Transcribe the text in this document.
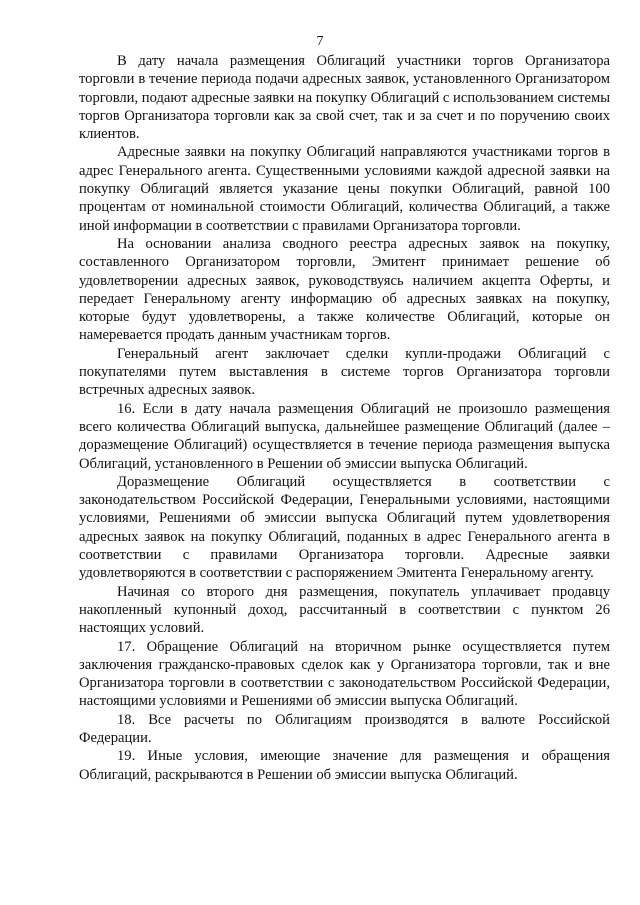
7

В дату начала размещения Облигаций участники торгов Организатора торговли в течение периода подачи адресных заявок, установленного Организатором торговли, подают адресные заявки на покупку Облигаций с использованием системы торгов Организатора торговли как за свой счет, так и за счет и по поручению своих клиентов.

Адресные заявки на покупку Облигаций направляются участниками торгов в адрес Генерального агента. Существенными условиями каждой адресной заявки на покупку Облигаций является указание цены покупки Облигаций, равной 100 процентам от номинальной стоимости Облигаций, количества Облигаций, а также иной информации в соответствии с правилами Организатора торговли.

На основании анализа сводного реестра адресных заявок на покупку, составленного Организатором торговли, Эмитент принимает решение об удовлетворении адресных заявок, руководствуясь наличием акцепта Оферты, и передает Генеральному агенту информацию об адресных заявках на покупку, которые будут удовлетворены, а также количестве Облигаций, которые он намеревается продать данным участникам торгов.

Генеральный агент заключает сделки купли-продажи Облигаций с покупателями путем выставления в системе торгов Организатора торговли встречных адресных заявок.

16. Если в дату начала размещения Облигаций не произошло размещения всего количества Облигаций выпуска, дальнейшее размещение Облигаций (далее – доразмещение Облигаций) осуществляется в течение периода размещения выпуска Облигаций, установленного в Решении об эмиссии выпуска Облигаций.

Доразмещение Облигаций осуществляется в соответствии с законодательством Российской Федерации, Генеральными условиями, настоящими условиями, Решениями об эмиссии выпуска Облигаций путем удовлетворения адресных заявок на покупку Облигаций, поданных в адрес Генерального агента в соответствии с правилами Организатора торговли. Адресные заявки удовлетворяются в соответствии с распоряжением Эмитента Генеральному агенту.

Начиная со второго дня размещения, покупатель уплачивает продавцу накопленный купонный доход, рассчитанный в соответствии с пунктом 26 настоящих условий.

17. Обращение Облигаций на вторичном рынке осуществляется путем заключения гражданско-правовых сделок как у Организатора торговли, так и вне Организатора торговли в соответствии с законодательством Российской Федерации, настоящими условиями и Решениями об эмиссии выпуска Облигаций.

18. Все расчеты по Облигациям производятся в валюте Российской Федерации.

19. Иные условия, имеющие значение для размещения и обращения Облигаций, раскрываются в Решении об эмиссии выпуска Облигаций.
